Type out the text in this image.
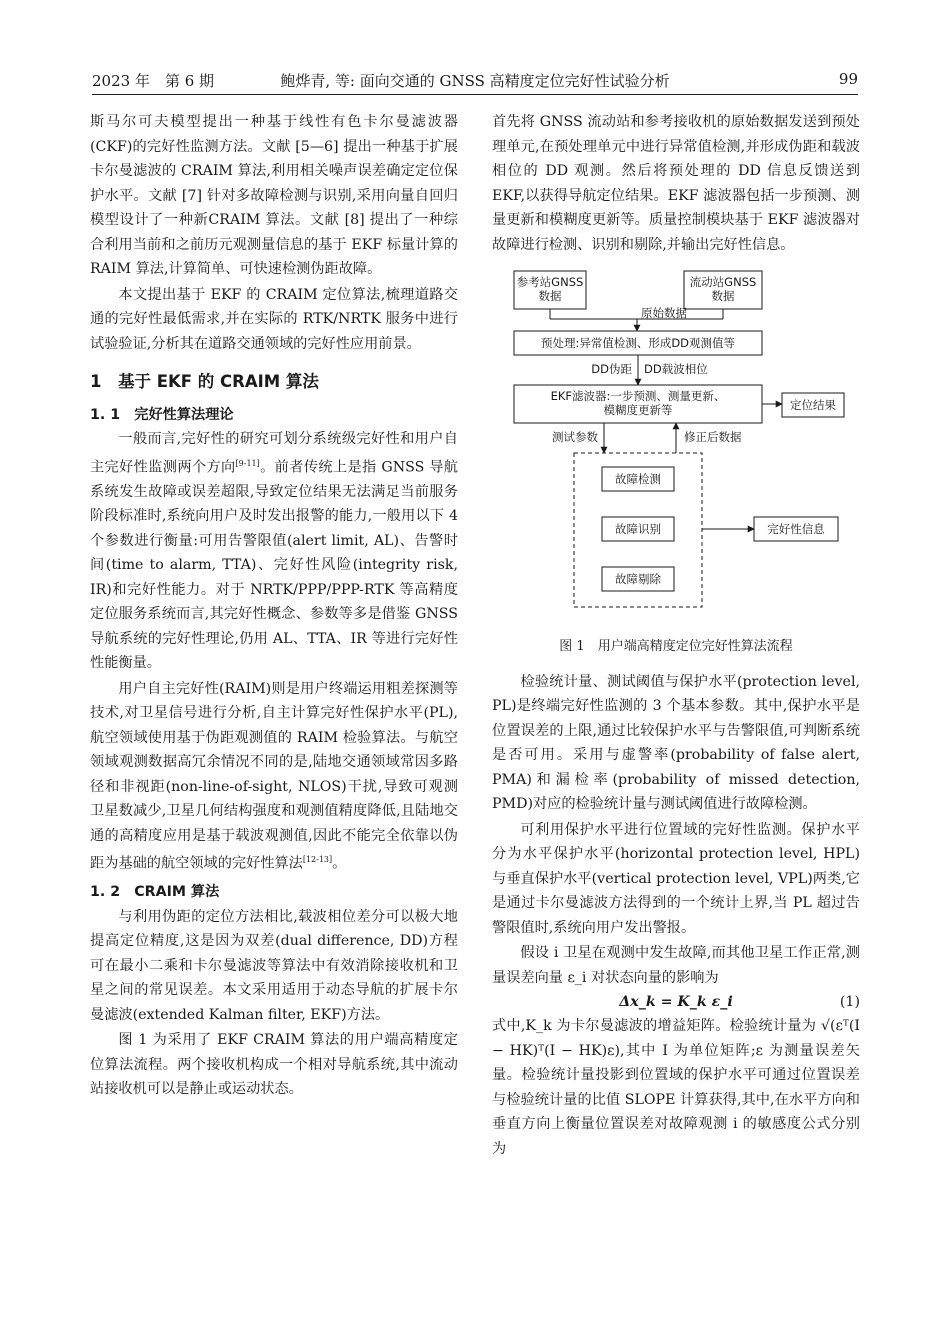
2023 年　第 6 期	鲍烨青, 等: 面向交通的 GNSS 高精度定位完好性试验分析	99

斯马尔可夫模型提出一种基于线性有色卡尔曼滤波器(CKF)的完好性监测方法。文献 [5—6] 提出一种基于扩展卡尔曼滤波的 CRAIM 算法,利用相关噪声误差确定定位保护水平。文献 [7] 针对多故障检测与识别,采用向量自回归模型设计了一种新CRAIM 算法。文献 [8] 提出了一种综合利用当前和之前历元观测量信息的基于 EKF 标量计算的 RAIM 算法,计算简单、可快速检测伪距故障。

本文提出基于 EKF 的 CRAIM 定位算法,梳理道路交通的完好性最低需求,并在实际的 RTK/NRTK 服务中进行试验验证,分析其在道路交通领域的完好性应用前景。

1　基于 EKF 的 CRAIM 算法
1. 1　完好性算法理论

一般而言,完好性的研究可划分系统级完好性和用户自主完好性监测两个方向[9-11]。前者传统上是指 GNSS 导航系统发生故障或误差超限,导致定位结果无法满足当前服务阶段标准时,系统向用户及时发出报警的能力,一般用以下 4 个参数进行衡量:可用告警限值(alert limit, AL)、告警时间(time to alarm, TTA)、完好性风险(integrity risk, IR)和完好性能力。对于 NRTK/PPP/PPP-RTK 等高精度定位服务系统而言,其完好性概念、参数等多是借鉴 GNSS 导航系统的完好性理论,仍用 AL、TTA、IR 等进行完好性性能衡量。

用户自主完好性(RAIM)则是用户终端运用粗差探测等技术,对卫星信号进行分析,自主计算完好性保护水平(PL),航空领域使用基于伪距观测值的 RAIM 检验算法。与航空领域观测数据高冗余情况不同的是,陆地交通领域常因多路径和非视距(non-line-of-sight, NLOS)干扰,导致可观测卫星数减少,卫星几何结构强度和观测值精度降低,且陆地交通的高精度应用是基于载波观测值,因此不能完全依靠以伪距为基础的航空领域的完好性算法[12-13]。

1. 2　CRAIM 算法

与利用伪距的定位方法相比,载波相位差分可以极大地提高定位精度,这是因为双差(dual difference, DD)方程可在最小二乘和卡尔曼滤波等算法中有效消除接收机和卫星之间的常见误差。本文采用适用于动态导航的扩展卡尔曼滤波(extended Kalman filter, EKF)方法。

图 1 为采用了 EKF CRAIM 算法的用户端高精度定位算法流程。两个接收机构成一个相对导航系统,其中流动站接收机可以是静止或运动状态。

首先将 GNSS 流动站和参考接收机的原始数据发送到预处理单元,在预处理单元中进行异常值检测,并形成伪距和载波相位的 DD 观测。然后将预处理的 DD 信息反馈送到 EKF,以获得导航定位结果。EKF 滤波器包括一步预测、测量更新和模糊度更新等。质量控制模块基于 EKF 滤波器对故障进行检测、识别和剔除,并输出完好性信息。

参考站GNSS 数据
流动站GNSS 数据
原始数据
预处理:异常值检测、形成DD观测值等
DD伪距 DD载波相位
EKF滤波器:一步预测、测量更新、模糊度更新等	定位结果
测试参数	修正后数据
故障检测
故障识别
故障剔除
完好性信息
图 1　用户端高精度定位完好性算法流程

检验统计量、测试阈值与保护水平(protection level, PL)是终端完好性监测的 3 个基本参数。其中,保护水平是位置误差的上限,通过比较保护水平与告警限值,可判断系统是否可用。采用与虚警率(probability of false alert, PMA)和漏检率(probability of missed detection, PMD)对应的检验统计量与测试阈值进行故障检测。

可利用保护水平进行位置域的完好性监测。保护水平分为水平保护水平(horizontal protection level, HPL)与垂直保护水平(vertical protection level, VPL)两类,它是通过卡尔曼滤波方法得到的一个统计上界,当 PL 超过告警限值时,系统向用户发出警报。

假设 i 卫星在观测中发生故障,而其他卫星工作正常,测量误差向量 ε_i 对状态向量的影响为

Δx_k = K_k ε_i	(1)

式中,K_k 为卡尔曼滤波的增益矩阵。检验统计量为 √(εᵀ(I − HK)ᵀ(I − HK)ε),其中 I 为单位矩阵;ε 为测量误差矢量。检验统计量投影到位置域的保护水平可通过位置误差与检验统计量的比值 SLOPE 计算获得,其中,在水平方向和垂直方向上衡量位置误差对故障观测 i 的敏感度公式分别为
